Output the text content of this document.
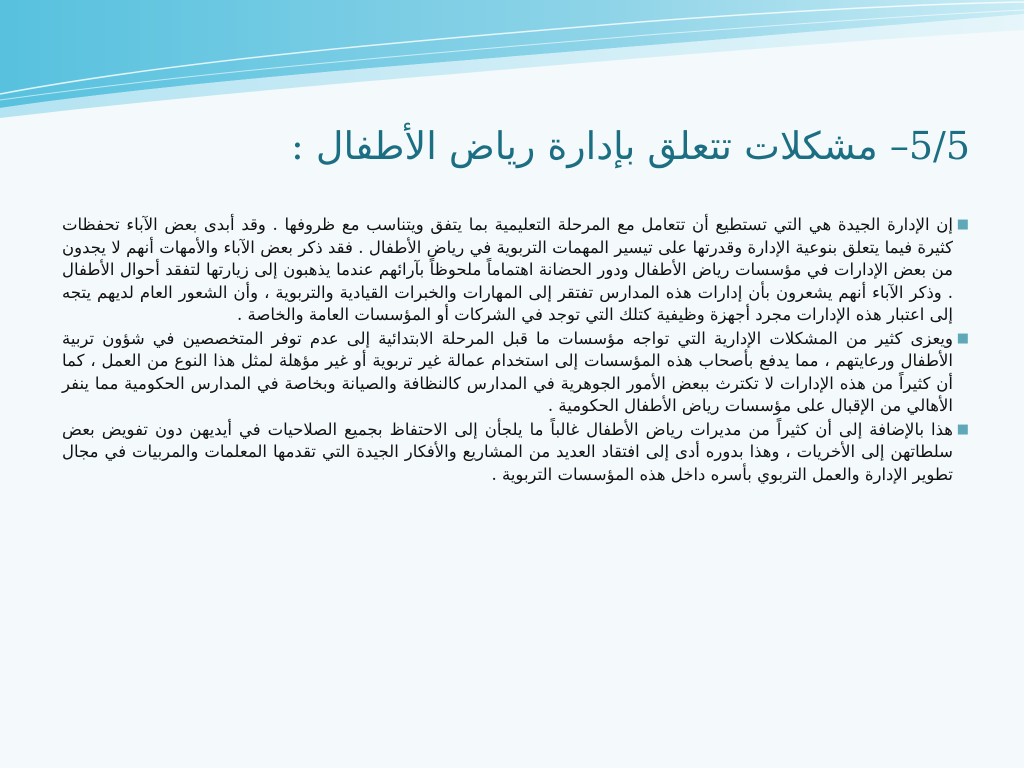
5/5– مشكلات تتعلق بإدارة رياض الأطفال :

■
إن الإدارة الجيدة هي التي تستطيع أن تتعامل مع المرحلة التعليمية بما يتفق ويتناسب مع ظروفها . وقد أبدى بعض الآباء تحفظات كثيرة فيما يتعلق بنوعية الإدارة وقدرتها على تيسير المهمات التربوية في رياض الأطفال . فقد ذكر بعض الآباء والأمهات أنهم لا يجدون من بعض الإدارات في مؤسسات رياض الأطفال ودور الحضانة اهتماماً ملحوظاً بآرائهم عندما يذهبون إلى زيارتها لتفقد أحوال الأطفال . وذكر الآباء أنهم يشعرون بأن إدارات هذه المدارس تفتقر إلى المهارات والخبرات القيادية والتربوية ، وأن الشعور العام لديهم يتجه إلى اعتبار هذه الإدارات مجرد أجهزة وظيفية كتلك التي توجد في الشركات أو المؤسسات العامة والخاصة .

■
ويعزى كثير من المشكلات الإدارية التي تواجه مؤسسات ما قبل المرحلة الابتدائية إلى عدم توفر المتخصصين في شؤون تربية الأطفال ورعايتهم ، مما يدفع بأصحاب هذه المؤسسات إلى استخدام عمالة غير تربوية أو غير مؤهلة لمثل هذا النوع من العمل ، كما أن كثيراً من هذه الإدارات لا تكترث ببعض الأمور الجوهرية في المدارس كالنظافة والصيانة وبخاصة في المدارس الحكومية مما ينفر الأهالي من الإقبال على مؤسسات رياض الأطفال الحكومية .

■
هذا بالإضافة إلى أن كثيراً من مديرات رياض الأطفال غالباً ما يلجأن إلى الاحتفاظ بجميع الصلاحيات في أيديهن دون تفويض بعض سلطاتهن إلى الأخريات ، وهذا بدوره أدى إلى افتقاد العديد من المشاريع والأفكار الجيدة التي تقدمها المعلمات والمربيات في مجال تطوير الإدارة والعمل التربوي بأسره داخل هذه المؤسسات التربوية .
